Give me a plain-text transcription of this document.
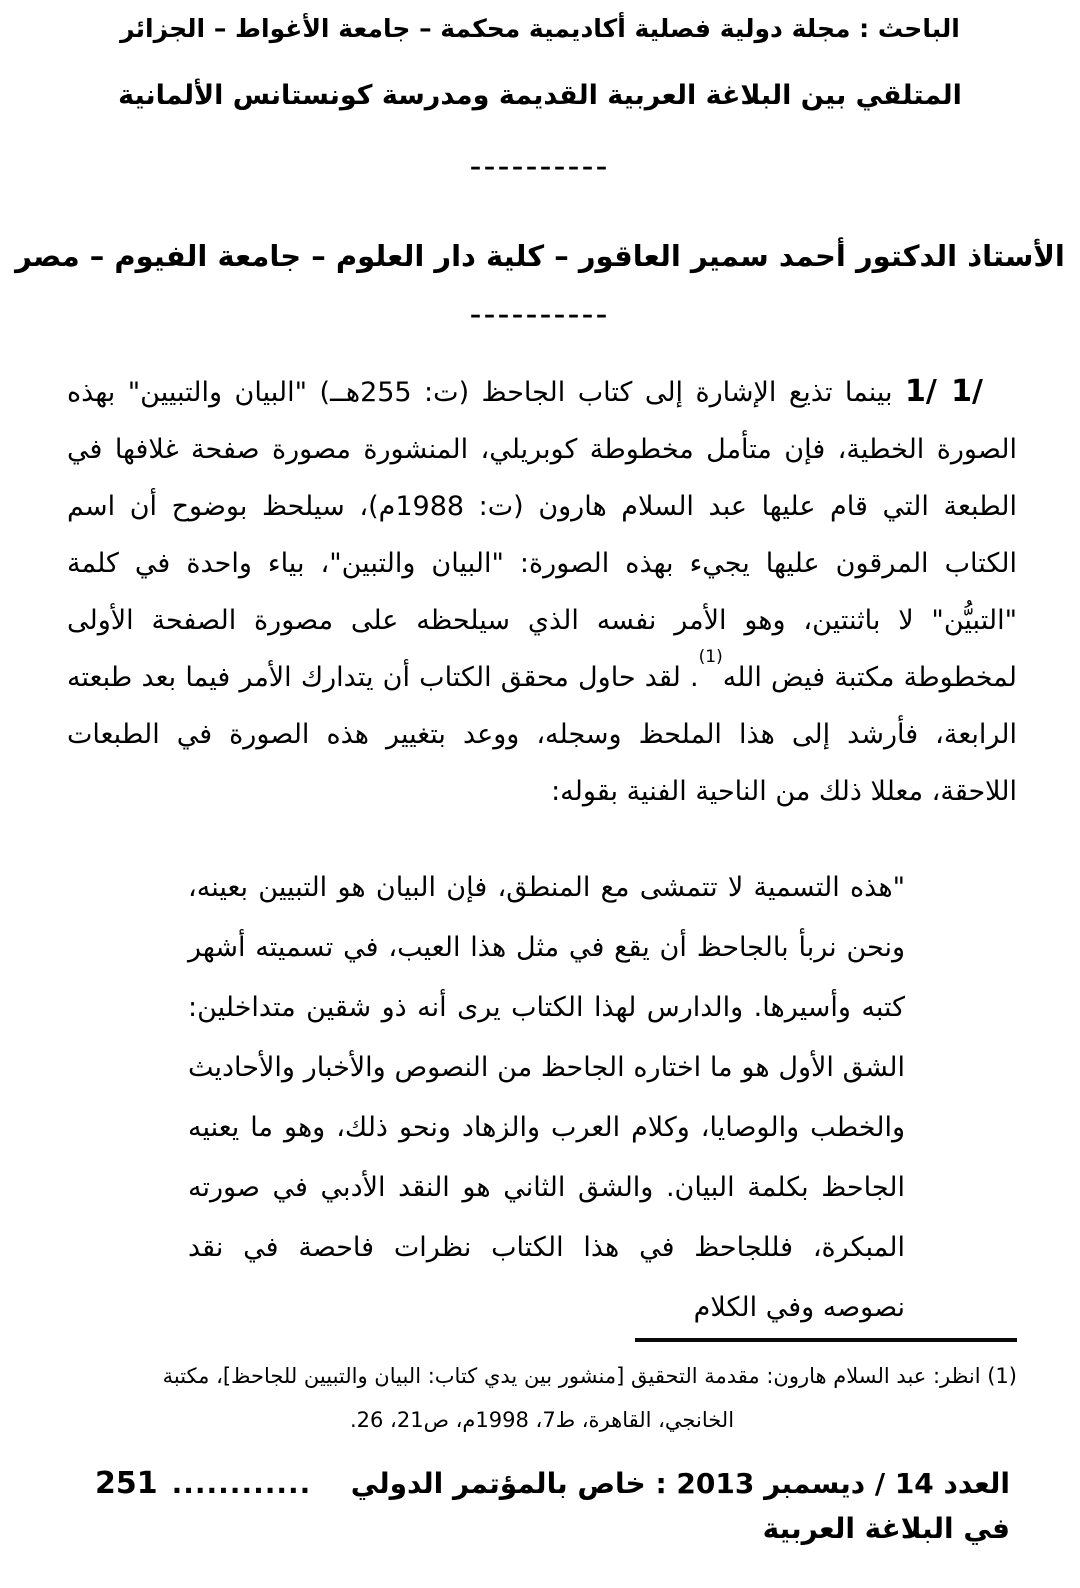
الباحث : مجلة دولية فصلية أكاديمية محكمة – جامعة الأغواط – الجزائر
المتلقي بين البلاغة العربية القديمة ومدرسة كونستانس الألمانية
––––––––––
الأستاذ الدكتور أحمد سمير العاقور – كلية دار العلوم – جامعة الفيوم – مصر
––––––––––

1/ 1/ بينما تذيع الإشارة إلى كتاب الجاحظ (ت: 255هــ) "البيان والتبيين" بهذه الصورة الخطية، فإن متأمل مخطوطة كوبريلي، المنشورة مصورة صفحة غلافها في الطبعة التي قام عليها عبد السلام هارون (ت: 1988م)، سيلحظ بوضوح أن اسم الكتاب المرقون عليها يجيء بهذه الصورة: "البيان والتبين"، بياء واحدة في كلمة "التبيُّن" لا باثنتين، وهو الأمر نفسه الذي سيلحظه على مصورة الصفحة الأولى لمخطوطة مكتبة فيض الله$^{(1)}$. لقد حاول محقق الكتاب أن يتدارك الأمر فيما بعد طبعته الرابعة، فأرشد إلى هذا الملحظ وسجله، ووعد بتغيير هذه الصورة في الطبعات اللاحقة، معللا ذلك من الناحية الفنية بقوله:

"هذه التسمية لا تتمشى مع المنطق، فإن البيان هو التبيين بعينه، ونحن نربأ بالجاحظ أن يقع في مثل هذا العيب، في تسميته أشهر كتبه وأسيرها. والدارس لهذا الكتاب يرى أنه ذو شقين متداخلين: الشق الأول هو ما اختاره الجاحظ من النصوص والأخبار والأحاديث والخطب والوصايا، وكلام العرب والزهاد ونحو ذلك، وهو ما يعنيه الجاحظ بكلمة البيان. والشق الثاني هو النقد الأدبي في صورته المبكرة، فللجاحظ في هذا الكتاب نظرات فاحصة في نقد نصوصه وفي الكلام

(1) انظر: عبد السلام هارون: مقدمة التحقيق [منشور بين يدي كتاب: البيان والتبيين للجاحظ]، مكتبة
الخانجي، القاهرة، ط7، 1998م، ص21، 26.
العدد 14 / ديسمبر 2013 : خاص بالمؤتمر الدولي في البلاغة العربية
............
251
